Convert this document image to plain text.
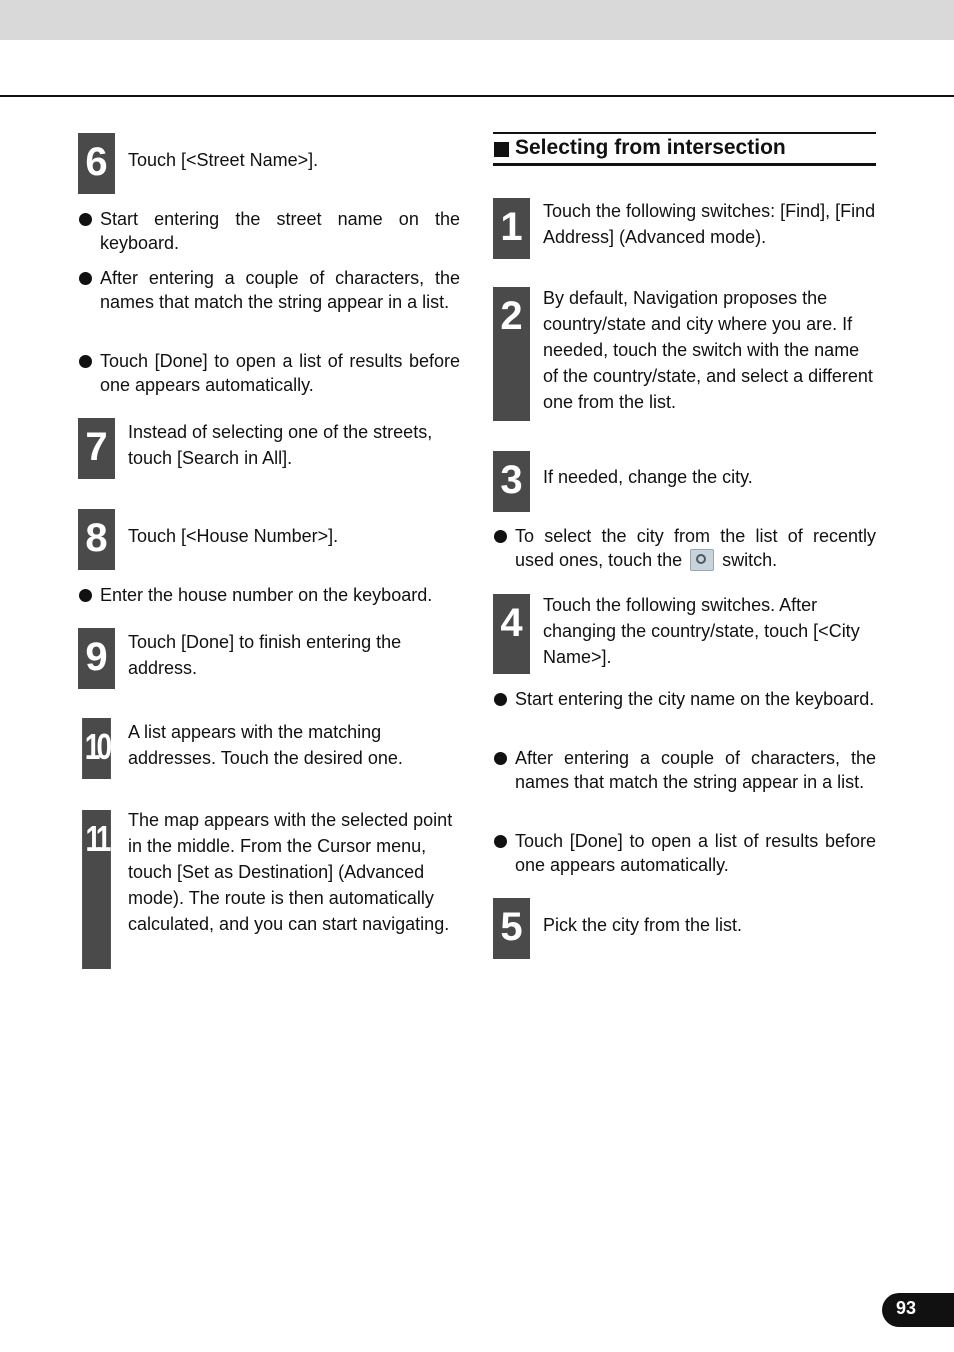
6	Touch [<Street Name>].
Start entering the street name on the keyboard.
After entering a couple of characters, the names that match the string appear in a list.
Touch [Done] to open a list of results before one appears automatically.
7	Instead of selecting one of the streets, touch [Search in All].
8	Touch [<House Number>].
Enter the house number on the keyboard.
9	Touch [Done] to finish entering the address.
10 A list appears with the matching addresses. Touch the desired one.
11 The map appears with the selected point in the middle. From the Cursor menu, touch [Set as Destination] (Advanced mode). The route is then automatically calculated, and you can start navigating.
Selecting from intersection
1	Touch the following switches: [Find], [Find Address] (Advanced mode).
2	By default, Navigation proposes the country/state and city where you are. If needed, touch the switch with the name of the country/state, and select a different one from the list.
3	If needed, change the city.
To select the city from the list of recently used ones, touch the switch.
4	Touch the following switches. After changing the country/state, touch [<City Name>].
Start entering the city name on the keyboard.
After entering a couple of characters, the names that match the string appear in a list.
Touch [Done] to open a list of results before one appears automatically.
5	Pick the city from the list.
93
